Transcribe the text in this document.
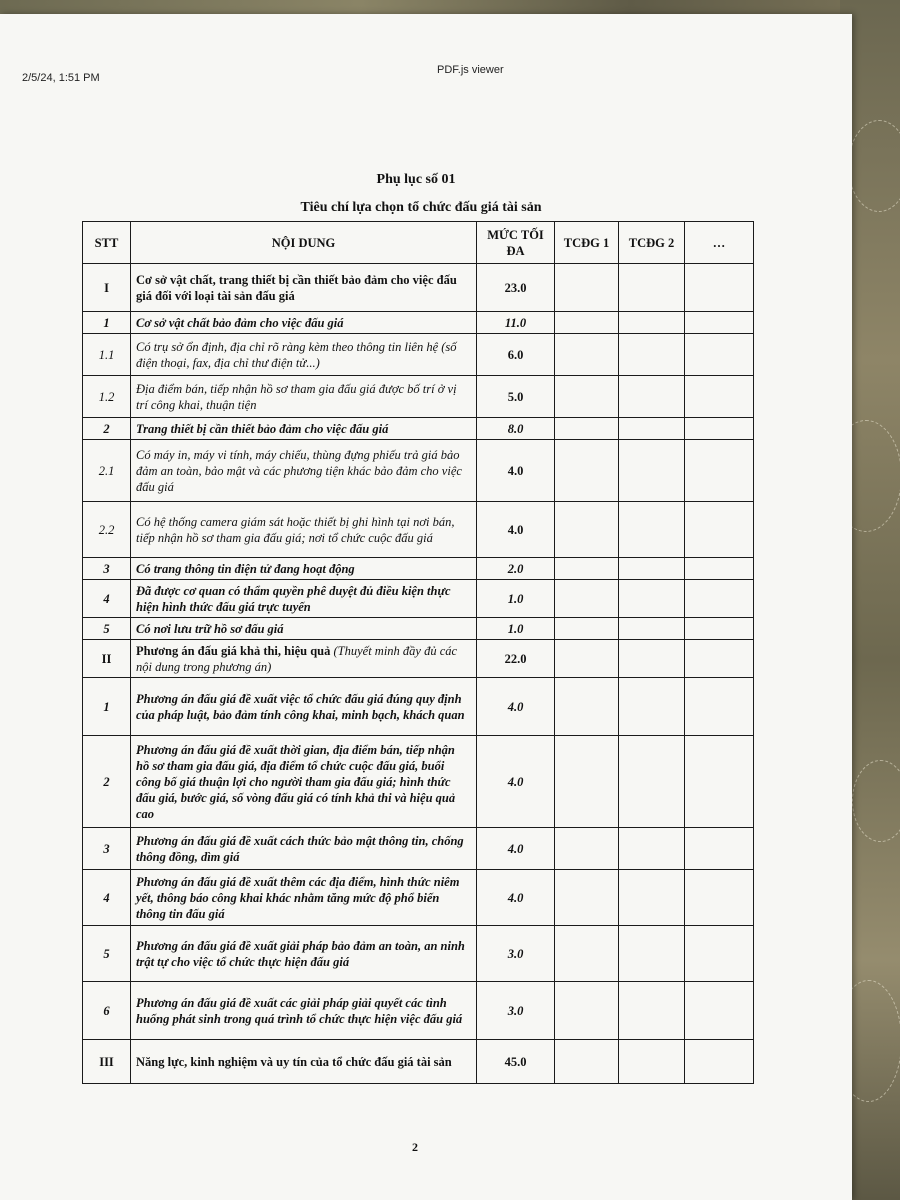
2/5/24, 1:51 PM
PDF.js viewer
Phụ lục số 01
Tiêu chí lựa chọn tổ chức đấu giá tài sản
STT	NỘI DUNG	MỨC TỐI ĐA	TCĐG 1	TCĐG 2	…
I	Cơ sở vật chất, trang thiết bị cần thiết bảo đảm cho việc đấu giá đối với loại tài sản đấu giá	23.0			
1	Cơ sở vật chất bảo đảm cho việc đấu giá	11.0			
1.1	Có trụ sở ổn định, địa chỉ rõ ràng kèm theo thông tin liên hệ (số điện thoại, fax, địa chỉ thư điện tử...)	6.0			
1.2	Địa điểm bán, tiếp nhận hồ sơ tham gia đấu giá được bố trí ở vị trí công khai, thuận tiện	5.0			
2	Trang thiết bị cần thiết bảo đảm cho việc đấu giá	8.0			
2.1	Có máy in, máy vi tính, máy chiếu, thùng đựng phiếu trả giá bảo đảm an toàn, bảo mật và các phương tiện khác bảo đảm cho việc đấu giá	4.0			
2.2	Có hệ thống camera giám sát hoặc thiết bị ghi hình tại nơi bán, tiếp nhận hồ sơ tham gia đấu giá; nơi tổ chức cuộc đấu giá	4.0			
3	Có trang thông tin điện tử đang hoạt động	2.0			
4	Đã được cơ quan có thẩm quyền phê duyệt đủ điều kiện thực hiện hình thức đấu giá trực tuyến	1.0			
5	Có nơi lưu trữ hồ sơ đấu giá	1.0			
II	Phương án đấu giá khả thi, hiệu quả (Thuyết minh đầy đủ các nội dung trong phương án)	22.0			
1	Phương án đấu giá đề xuất việc tổ chức đấu giá đúng quy định của pháp luật, bảo đảm tính công khai, minh bạch, khách quan	4.0			
2	Phương án đấu giá đề xuất thời gian, địa điểm bán, tiếp nhận hồ sơ tham gia đấu giá, địa điểm tổ chức cuộc đấu giá, buổi công bố giá thuận lợi cho người tham gia đấu giá; hình thức đấu giá, bước giá, số vòng đấu giá có tính khả thi và hiệu quả cao	4.0			
3	Phương án đấu giá đề xuất cách thức bảo mật thông tin, chống thông đồng, dìm giá	4.0			
4	Phương án đấu giá đề xuất thêm các địa điểm, hình thức niêm yết, thông báo công khai khác nhằm tăng mức độ phổ biến thông tin đấu giá	4.0			
5	Phương án đấu giá đề xuất giải pháp bảo đảm an toàn, an ninh trật tự cho việc tổ chức thực hiện đấu giá	3.0			
6	Phương án đấu giá đề xuất các giải pháp giải quyết các tình huống phát sinh trong quá trình tổ chức thực hiện việc đấu giá	3.0			
III	Năng lực, kinh nghiệm và uy tín của tổ chức đấu giá tài sản	45.0			
2
